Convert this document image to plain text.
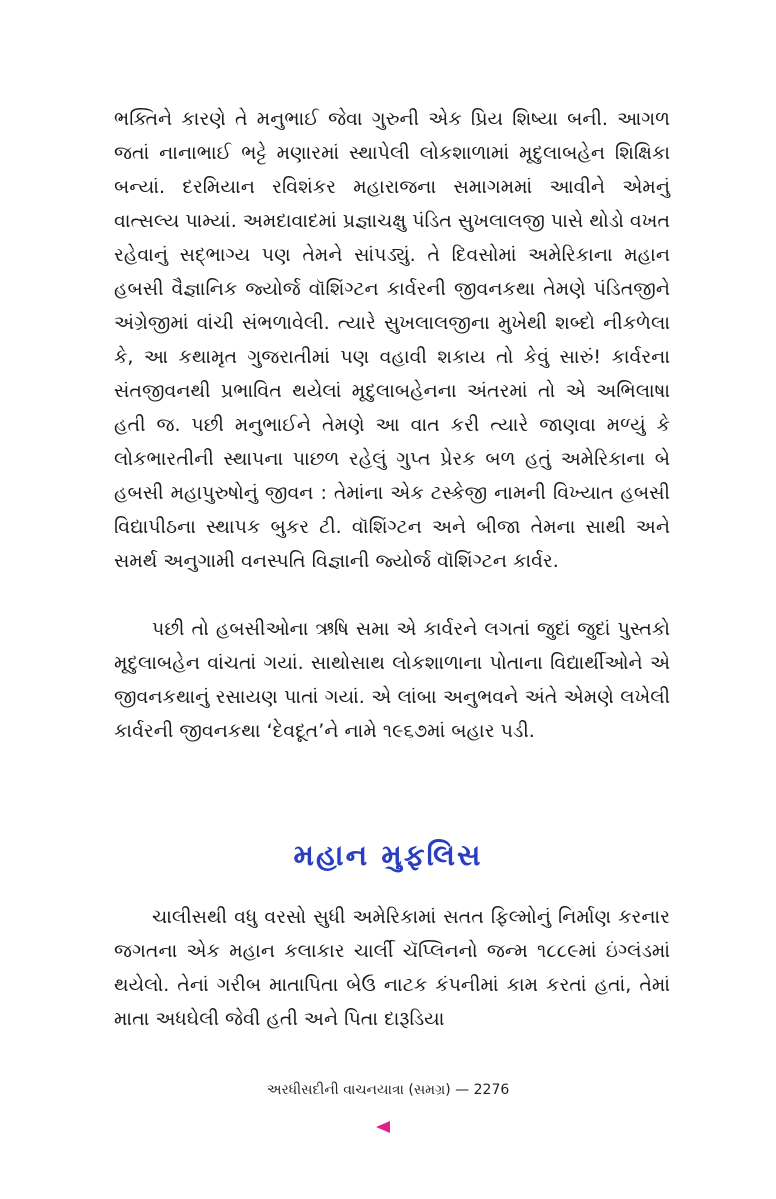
ભક્તિને કારણે તે મનુભાઈ જેવા ગુરુની એક પ્રિય શિષ્યા બની. આગળ જતાં નાનાભાઈ ભટ્ટે મણારમાં સ્થાપેલી લોકશાળામાં મૃદુલાબહેન શિક્ષિકા બન્યાં. દરમિયાન રવિશંકર મહારાજના સમાગમમાં આવીને એમનું વાત્સલ્ય પામ્યાં. અમદાવાદમાં પ્રજ્ઞાચક્ષુ પંડિત સુખલાલજી પાસે થોડો વખત રહેવાનું સદ્ભાગ્ય પણ તેમને સાંપડ્યું. તે દિવસોમાં અમેરિકાના મહાન હબસી વૈજ્ઞાનિક જ્યોર્જ વૉશિંગ્ટન કાર્વરની જીવનકથા તેમણે પંડિતજીને અંગ્રેજીમાં વાંચી સંભળાવેલી. ત્યારે સુખલાલજીના મુખેથી શબ્દો નીકળેલા કે, આ કથામૃત ગુજરાતીમાં પણ વહાવી શકાય તો કેવું સારું! કાર્વરના સંતજીવનથી પ્રભાવિત થયેલાં મૃદુલાબહેનના અંતરમાં તો એ અભિલાષા હતી જ. પછી મનુભાઈને તેમણે આ વાત કરી ત્યારે જાણવા મળ્યું કે લોકભારતીની સ્થાપના પાછળ રહેલું ગુપ્ત પ્રેરક બળ હતું અમેરિકાના બે હબસી મહાપુરુષોનું જીવન : તેમાંના એક ટસ્કેજી નામની વિખ્યાત હબસી વિદ્યાપીઠના સ્થાપક બુકર ટી. વૉશિંગ્ટન અને બીજા તેમના સાથી અને સમર્થ અનુગામી વનસ્પતિ વિજ્ઞાની જ્યોર્જ વૉશિંગ્ટન કાર્વર.

પછી તો હબસીઓના ઋષિ સમા એ કાર્વરને લગતાં જુદાં જુદાં પુસ્તકો મૃદુલાબહેન વાંચતાં ગયાં. સાથોસાથ લોકશાળાના પોતાના વિદ્યાર્થીઓને એ જીવનકથાનું રસાયણ પાતાં ગયાં. એ લાંબા અનુભવને અંતે એમણે લખેલી કાર્વરની જીવનકથા ‘દેવદૂત’ને નામે ૧૯૬૭માં બહાર પડી.

મહાન મુફલિસ

ચાલીસથી વધુ વરસો સુધી અમેરિકામાં સતત ફિલ્મોનું નિર્માણ કરનાર જગતના એક મહાન કલાકાર ચાર્લી ચૅપ્લિનનો જન્મ ૧૮૮૯માં ઇંગ્લંડમાં થયેલો. તેનાં ગરીબ માતાપિતા બેઉ નાટક કંપનીમાં કામ કરતાં હતાં, તેમાં માતા અધઘેલી જેવી હતી અને પિતા દારૂડિયા

અરધીસદીની વાચનયાત્રા (સમગ્ર) — 2276
